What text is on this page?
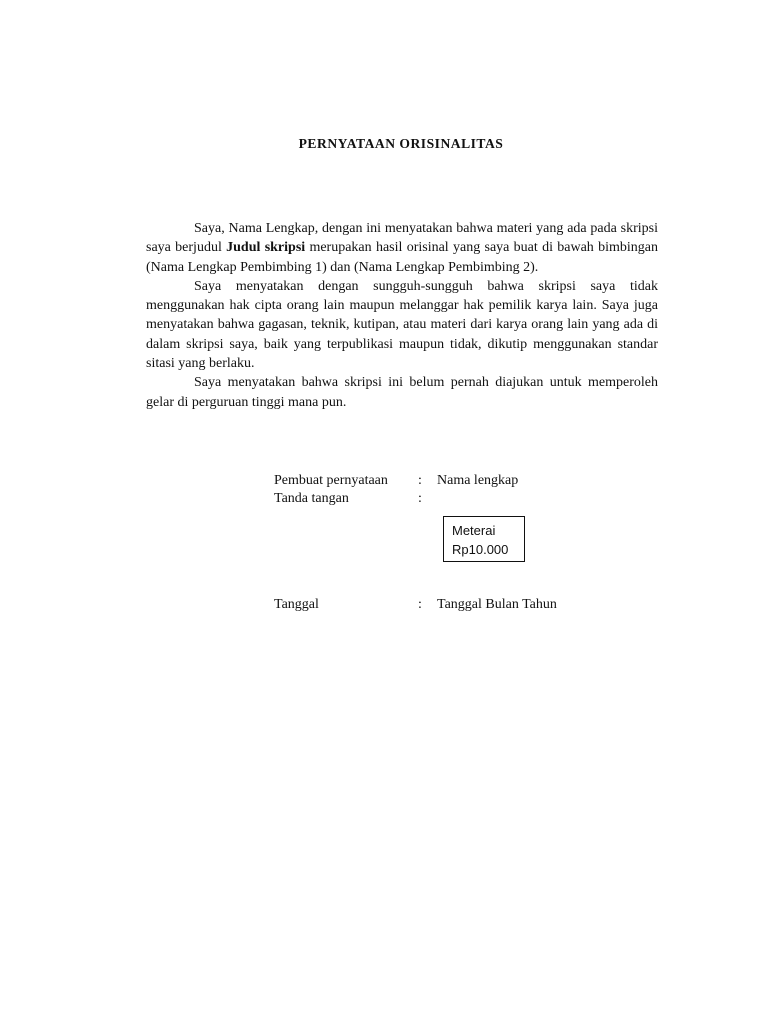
PERNYATAAN ORISINALITAS

Saya, Nama Lengkap, dengan ini menyatakan bahwa materi yang ada pada skripsi saya berjudul Judul skripsi merupakan hasil orisinal yang saya buat di bawah bimbingan (Nama Lengkap Pembimbing 1) dan (Nama Lengkap Pembimbing 2).

Saya menyatakan dengan sungguh-sungguh bahwa skripsi saya tidak menggunakan hak cipta orang lain maupun melanggar hak pemilik karya lain. Saya juga menyatakan bahwa gagasan, teknik, kutipan, atau materi dari karya orang lain yang ada di dalam skripsi saya, baik yang terpublikasi maupun tidak, dikutip menggunakan standar sitasi yang berlaku.

Saya menyatakan bahwa skripsi ini belum pernah diajukan untuk memperoleh gelar di perguruan tinggi mana pun.

Pembuat pernyataan : Nama lengkap
Tanda tangan	:
Meterai
Rp10.000
Tanggal	: Tanggal Bulan Tahun
